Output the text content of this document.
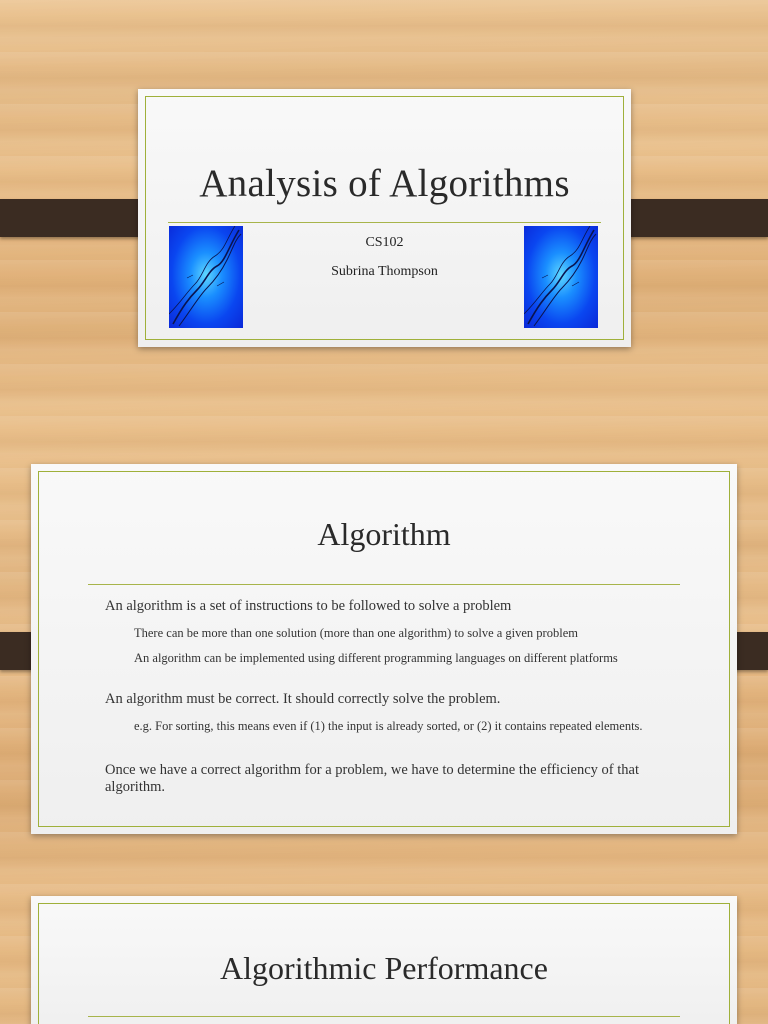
Analysis of Algorithms
CS102
Subrina Thompson
Algorithm
An algorithm is a set of instructions to be followed to solve a problem
There can be more than one solution (more than one algorithm) to solve a given problem
An algorithm can be implemented using different programming languages on different platforms
An algorithm must be correct. It should correctly solve the problem.
e.g. For sorting, this means even if (1) the input is already sorted, or (2) it contains repeated elements.
Once we have a correct algorithm for a problem, we have to determine the efficiency of that algorithm.
Algorithmic Performance
